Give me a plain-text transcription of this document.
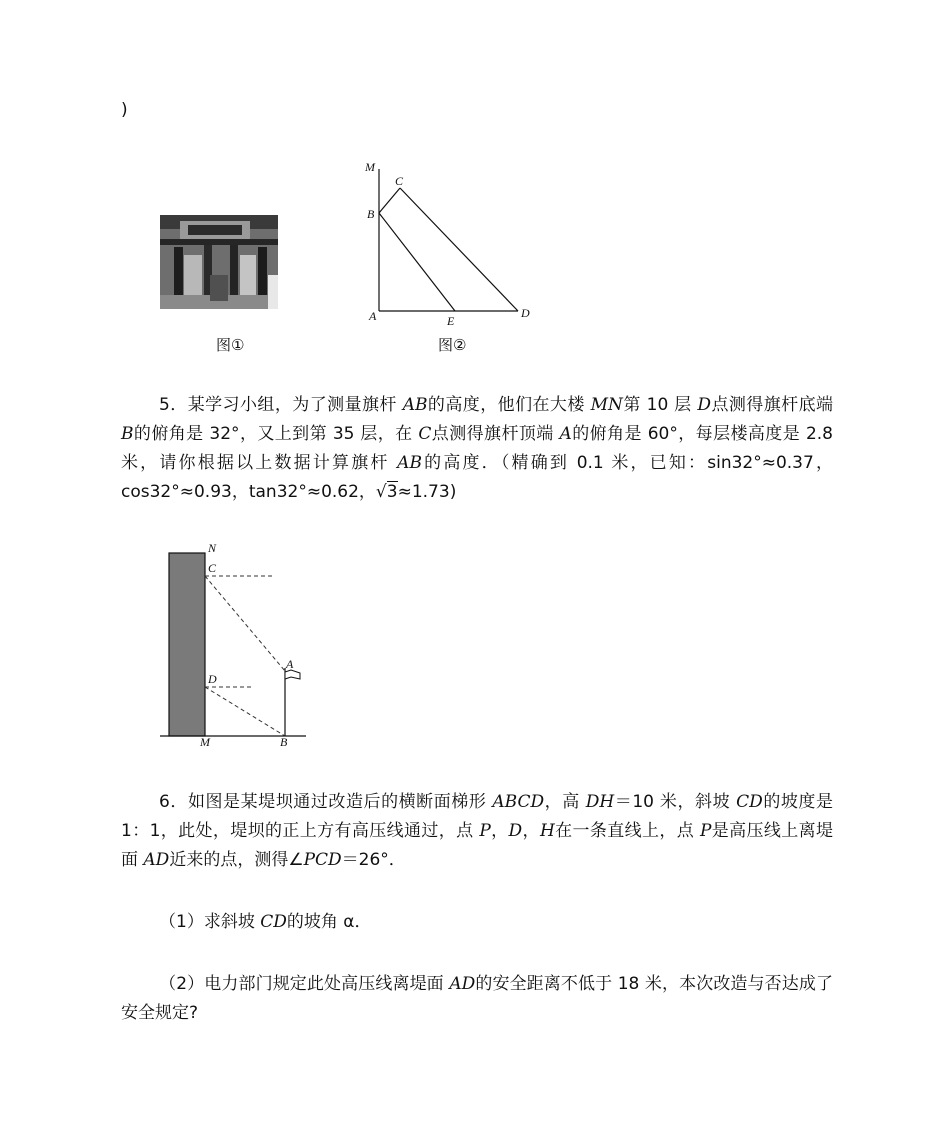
)
图①
M
C
B
A	E
D
图②
5．某学习小组，为了测量旗杆 AB的高度，他们在大楼 MN第 10 层 D点测得旗杆底端 B的俯角是 32°，又上到第 35 层，在 C点测得旗杆顶端 A的俯角是 60°，每层楼高度是 2.8 米，请你根据以上数据计算旗杆 AB的高度．（精确到 0.1 米，已知：sin32°≈0.37，cos32°≈0.93，tan32°≈0.62，√3≈1.73)
N
C
A
D
M	B
6．如图是某堤坝通过改造后的横断面梯形 ABCD，高 DH＝10 米，斜坡 CD的坡度是1：1，此处，堤坝的正上方有高压线通过，点 P，D，H在一条直线上，点 P是高压线上离堤面 AD近来的点，测得∠PCD＝26°．
（1）求斜坡 CD的坡角 α．
（2）电力部门规定此处高压线离堤面 AD的安全距离不低于 18 米，本次改造与否达成了安全规定?
